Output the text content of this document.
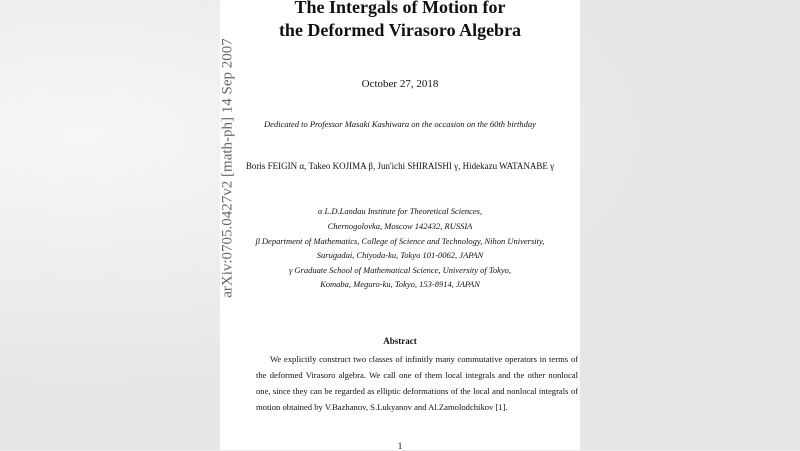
The Intergals of Motion for
the Deformed Virasoro Algebra
October 27, 2018
Dedicated to Professor Masaki Kashiwara on the occasion on the 60th birthday
Boris FEIGIN α, Takeo KOJIMA β, Jun'ichi SHIRAISHI γ, Hidekazu WATANABE γ
α L.D.Landau Institute for Theoretical Sciences,
Chernogolovka, Moscow 142432, RUSSIA
β Department of Mathematics, College of Science and Technology, Nihon University,
Surugadai, Chiyoda-ku, Tokyo 101-0062, JAPAN
γ Graduate School of Mathematical Science, University of Tokyo,
Komaba, Meguro-ku, Tokyo, 153-8914, JAPAN
Abstract
We explicitly construct two classes of infinitly many commutative operators in terms of the deformed Virasoro algebra. We call one of them local integrals and the other nonlocal one, since they can be regarded as elliptic deformations of the local and nonlocal integrals of motion obtained by V.Bazhanov, S.Lukyanov and Al.Zamolodchikov [1].
1
arXiv:0705.0427v2 [math-ph] 14 Sep 2007
